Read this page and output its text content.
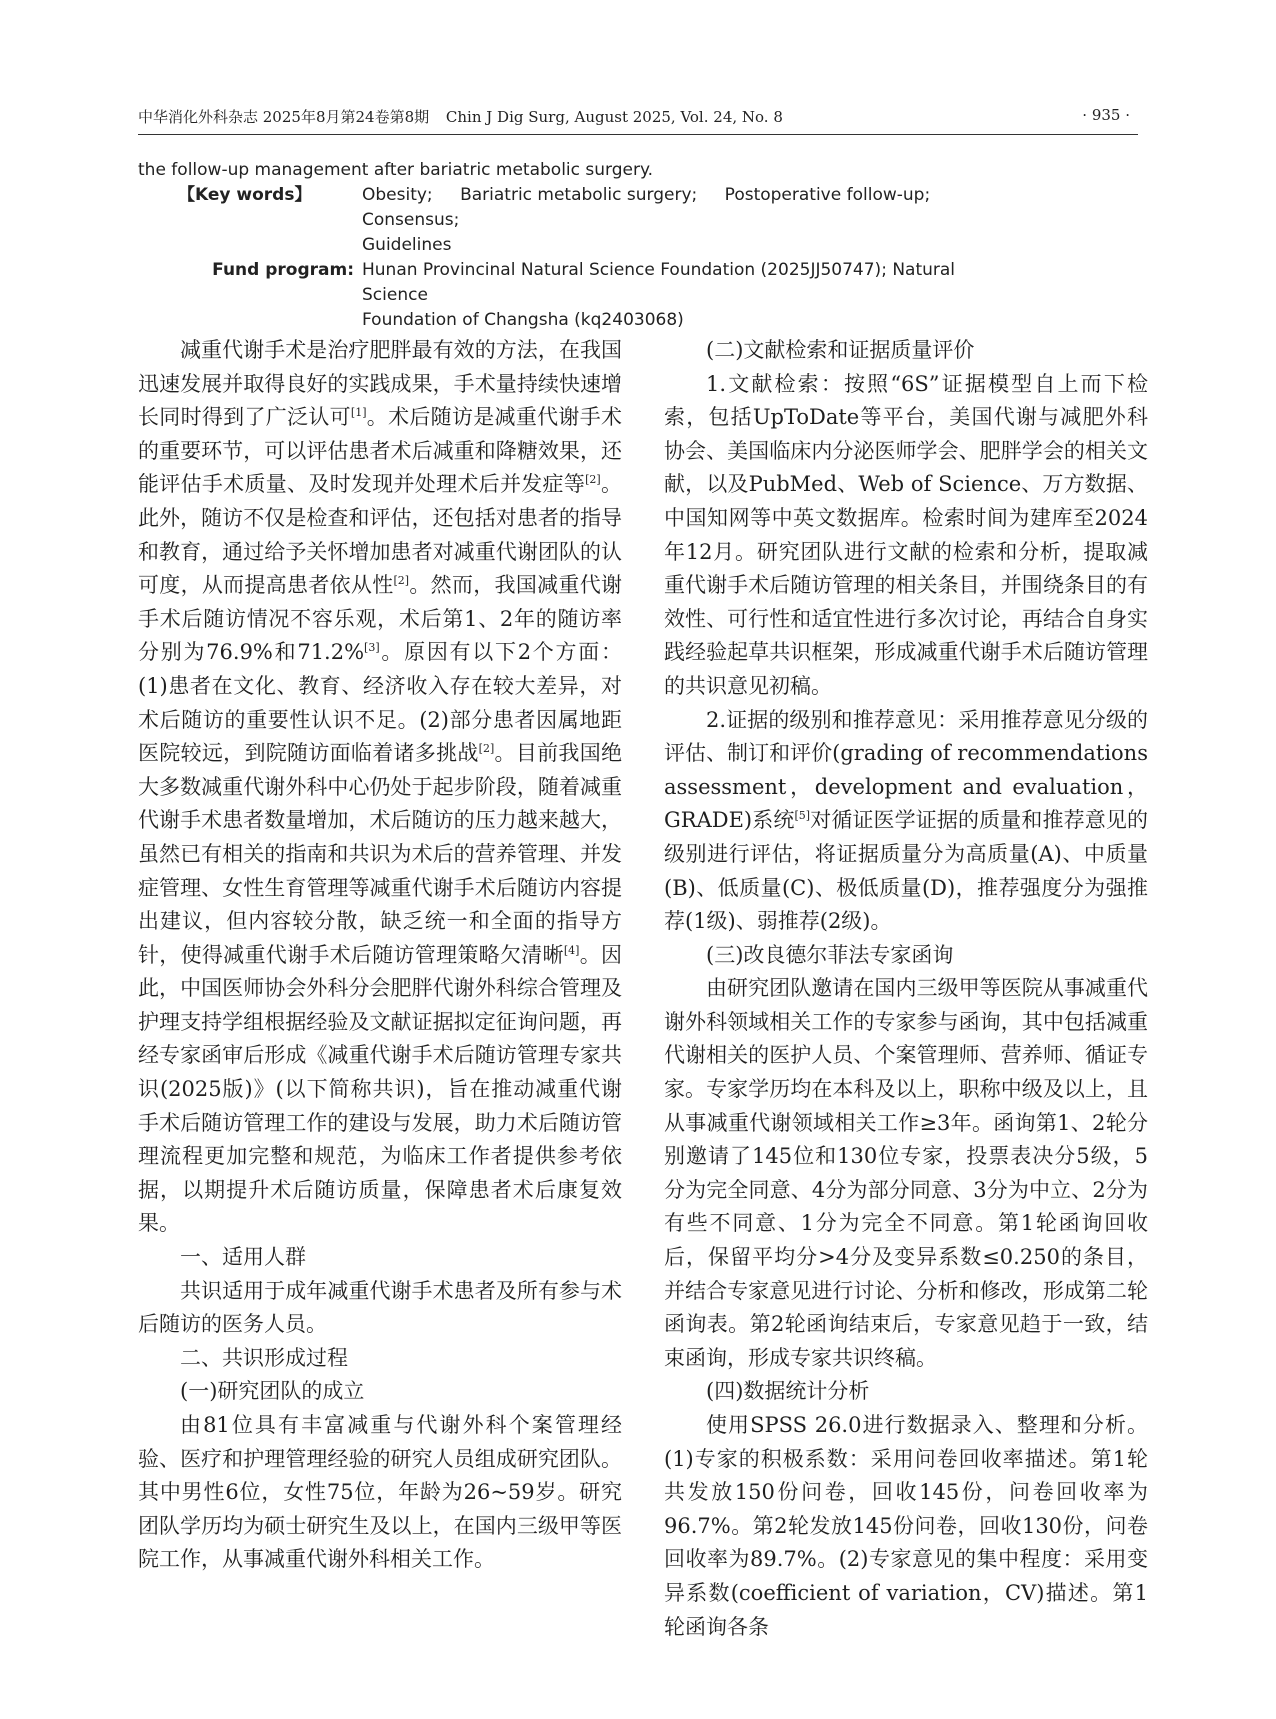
中华消化外科杂志 2025年8月第24卷第8期 Chin J Dig Surg, August 2025, Vol. 24, No. 8	· 935 ·

the follow-up management after bariatric metabolic surgery.

【Key words】	Obesity; Bariatric metabolic surgery; Postoperative follow-up; Consensus;
Guidelines
Fund program: Hunan Provincinal Natural Science Foundation (2025JJ50747); Natural Science
Foundation of Changsha (kq2403068)

减重代谢手术是治疗肥胖最有效的方法，在我国迅速发展并取得良好的实践成果，手术量持续快速增长同时得到了广泛认可[1]。术后随访是减重代谢手术的重要环节，可以评估患者术后减重和降糖效果，还能评估手术质量、及时发现并处理术后并发症等[2]。此外，随访不仅是检查和评估，还包括对患者的指导和教育，通过给予关怀增加患者对减重代谢团队的认可度，从而提高患者依从性[2]。然而，我国减重代谢手术后随访情况不容乐观，术后第1、2年的随访率分别为76.9%和71.2%[3]。原因有以下2个方面：(1)患者在文化、教育、经济收入存在较大差异，对术后随访的重要性认识不足。(2)部分患者因属地距医院较远，到院随访面临着诸多挑战[2]。目前我国绝大多数减重代谢外科中心仍处于起步阶段，随着减重代谢手术患者数量增加，术后随访的压力越来越大，虽然已有相关的指南和共识为术后的营养管理、并发症管理、女性生育管理等减重代谢手术后随访内容提出建议，但内容较分散，缺乏统一和全面的指导方针，使得减重代谢手术后随访管理策略欠清晰[4]。因此，中国医师协会外科分会肥胖代谢外科综合管理及护理支持学组根据经验及文献证据拟定征询问题，再经专家函审后形成《减重代谢手术后随访管理专家共识(2025版)》(以下简称共识)，旨在推动减重代谢手术后随访管理工作的建设与发展，助力术后随访管理流程更加完整和规范，为临床工作者提供参考依据，以期提升术后随访质量，保障患者术后康复效果。

一、适用人群

共识适用于成年减重代谢手术患者及所有参与术后随访的医务人员。

二、共识形成过程

(一)研究团队的成立

由81位具有丰富减重与代谢外科个案管理经验、医疗和护理管理经验的研究人员组成研究团队。其中男性6位，女性75位，年龄为26~59岁。研究团队学历均为硕士研究生及以上，在国内三级甲等医院工作，从事减重代谢外科相关工作。

(二)文献检索和证据质量评价

1.文献检索：按照“6S”证据模型自上而下检索，包括UpToDate等平台，美国代谢与减肥外科协会、美国临床内分泌医师学会、肥胖学会的相关文献，以及PubMed、Web of Science、万方数据、中国知网等中英文数据库。检索时间为建库至2024年12月。研究团队进行文献的检索和分析，提取减重代谢手术后随访管理的相关条目，并围绕条目的有效性、可行性和适宜性进行多次讨论，再结合自身实践经验起草共识框架，形成减重代谢手术后随访管理的共识意见初稿。

2.证据的级别和推荐意见：采用推荐意见分级的评估、制订和评价(grading of recommendations assessment，development and evaluation，GRADE)系统[5]对循证医学证据的质量和推荐意见的级别进行评估，将证据质量分为高质量(A)、中质量(B)、低质量(C)、极低质量(D)，推荐强度分为强推荐(1级)、弱推荐(2级)。

(三)改良德尔菲法专家函询

由研究团队邀请在国内三级甲等医院从事减重代谢外科领域相关工作的专家参与函询，其中包括减重代谢相关的医护人员、个案管理师、营养师、循证专家。专家学历均在本科及以上，职称中级及以上，且从事减重代谢领域相关工作≥3年。函询第1、2轮分别邀请了145位和130位专家，投票表决分5级，5分为完全同意、4分为部分同意、3分为中立、2分为有些不同意、1分为完全不同意。第1轮函询回收后，保留平均分>4分及变异系数≤0.250的条目，并结合专家意见进行讨论、分析和修改，形成第二轮函询表。第2轮函询结束后，专家意见趋于一致，结束函询，形成专家共识终稿。

(四)数据统计分析

使用SPSS 26.0进行数据录入、整理和分析。(1)专家的积极系数：采用问卷回收率描述。第1轮共发放150份问卷，回收145份，问卷回收率为96.7%。第2轮发放145份问卷，回收130份，问卷回收率为89.7%。(2)专家意见的集中程度：采用变异系数(coefficient of variation，CV)描述。第1轮函询各条
